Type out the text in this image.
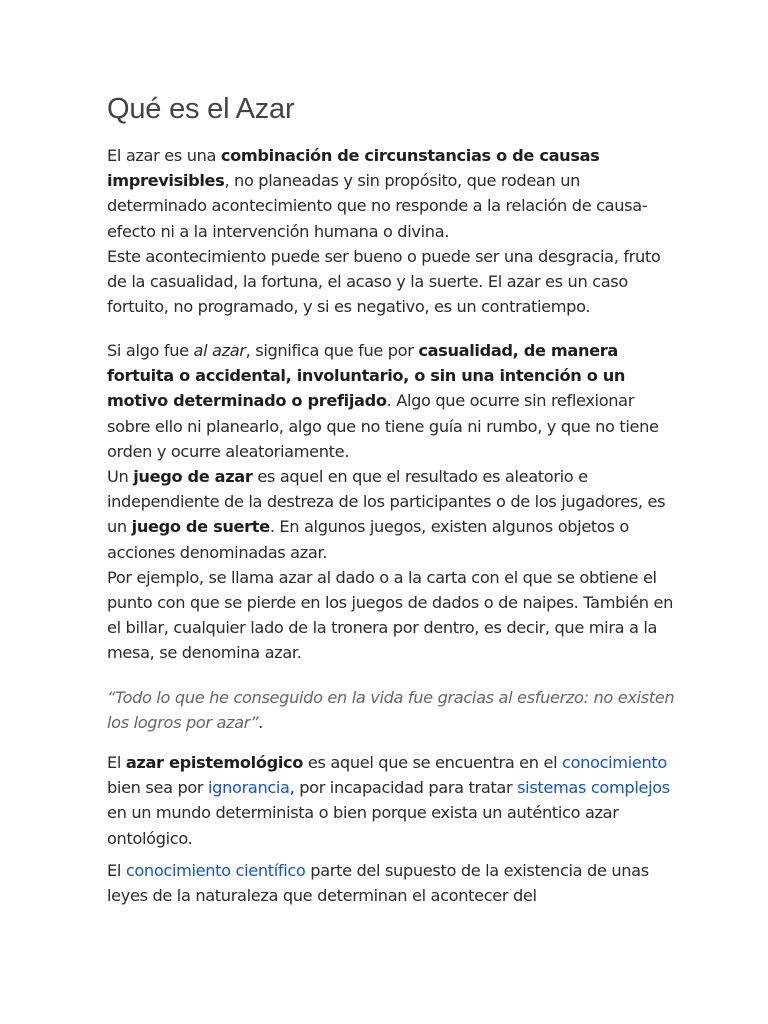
Qué es el Azar

El azar es una combinación de circunstancias o de causas imprevisibles, no planeadas y sin propósito, que rodean un determinado acontecimiento que no responde a la relación de causa-efecto ni a la intervención humana o divina.
Este acontecimiento puede ser bueno o puede ser una desgracia, fruto de la casualidad, la fortuna, el acaso y la suerte. El azar es un caso fortuito, no programado, y si es negativo, es un contratiempo.

Si algo fue al azar, significa que fue por casualidad, de manera fortuita o accidental, involuntario, o sin una intención o un motivo determinado o prefijado. Algo que ocurre sin reflexionar sobre ello ni planearlo, algo que no tiene guía ni rumbo, y que no tiene orden y ocurre aleatoriamente.
Un juego de azar es aquel en que el resultado es aleatorio e independiente de la destreza de los participantes o de los jugadores, es un juego de suerte. En algunos juegos, existen algunos objetos o acciones denominadas azar.
Por ejemplo, se llama azar al dado o a la carta con el que se obtiene el punto con que se pierde en los juegos de dados o de naipes. También en el billar, cualquier lado de la tronera por dentro, es decir, que mira a la mesa, se denomina azar.

“Todo lo que he conseguido en la vida fue gracias al esfuerzo: no existen los logros por azar”.

El azar epistemológico es aquel que se encuentra en el conocimiento bien sea por ignorancia, por incapacidad para tratar sistemas complejos en un mundo determinista o bien porque exista un auténtico azar ontológico.

El conocimiento científico parte del supuesto de la existencia de unas leyes de la naturaleza que determinan el acontecer del
